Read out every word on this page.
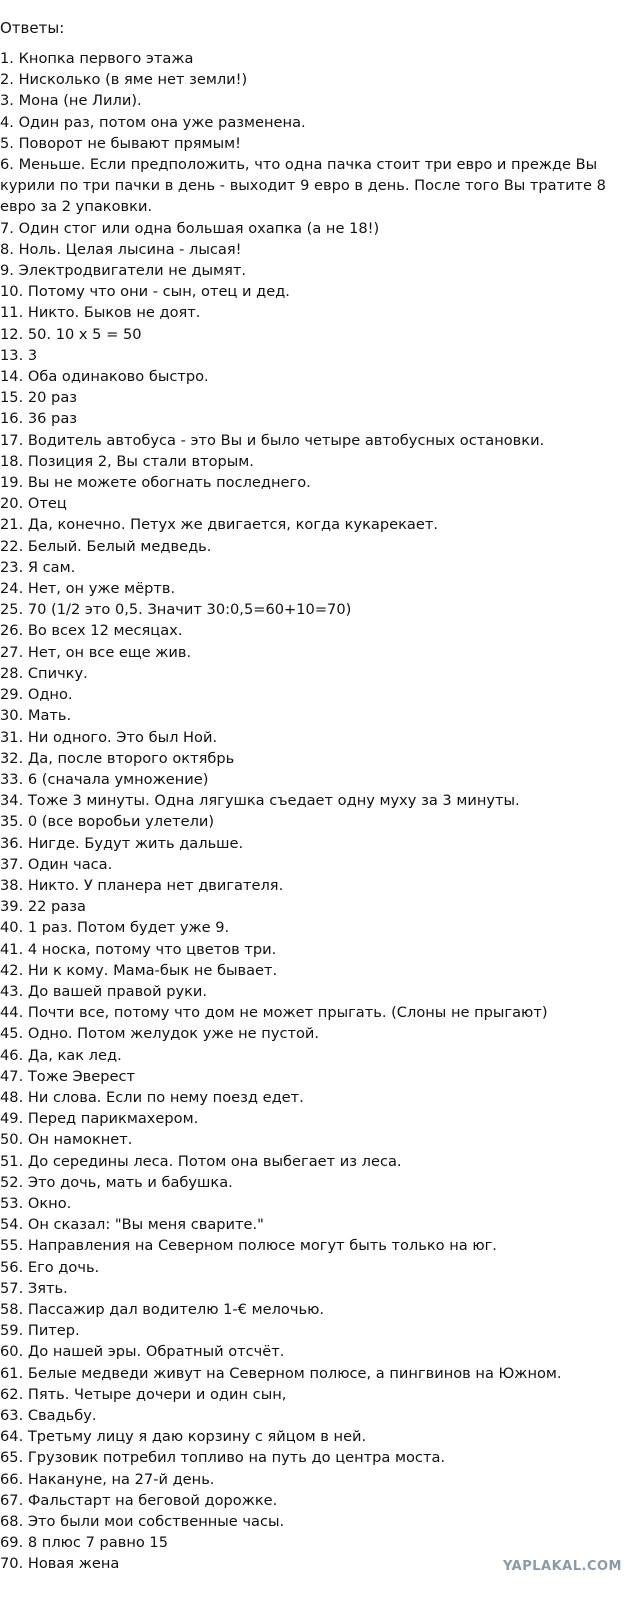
Ответы:
1. Кнопка первого этажа
2. Нисколько (в яме нет земли!)
3. Мона (не Лили).
4. Один раз, потом она уже разменена.
5. Поворот не бывают прямым!
6. Меньше. Если предположить, что одна пачка стоит три евро и прежде Вы курили по три пачки в день - выходит 9 евро в день. После того Вы тратите 8 евро за 2 упаковки.
7. Один стог или одна большая охапка (а не 18!)
8. Ноль. Целая лысина - лысая!
9. Электродвигатели не дымят.
10. Потому что они - сын, отец и дед.
11. Никто. Быков не доят.
12. 50. 10 x 5 = 50
13. 3
14. Оба одинаково быстро.
15. 20 раз
16. 36 раз
17. Водитель автобуса - это Вы и было четыре автобусных остановки.
18. Позиция 2, Вы стали вторым.
19. Вы не можете обогнать последнего.
20. Отец
21. Да, конечно. Петух же двигается, когда кукарекает.
22. Белый. Белый медведь.
23. Я сам.
24. Нет, он уже мёртв.
25. 70 (1/2 это 0,5. Значит 30:0,5=60+10=70)
26. Во всех 12 месяцах.
27. Нет, он все еще жив.
28. Спичку.
29. Одно.
30. Мать.
31. Ни одного. Это был Ной.
32. Да, после второго октябрь
33. 6 (сначала умножение)
34. Тоже 3 минуты. Одна лягушка съедает одну муху за 3 минуты.
35. 0 (все воробьи улетели)
36. Нигде. Будут жить дальше.
37. Один часа.
38. Никто. У планера нет двигателя.
39. 22 раза
40. 1 раз. Потом будет уже 9.
41. 4 носка, потому что цветов три.
42. Ни к кому. Мама-бык не бывает.
43. До вашей правой руки.
44. Почти все, потому что дом не может прыгать. (Слоны не прыгают)
45. Одно. Потом желудок уже не пустой.
46. Да, как лед.
47. Тоже Эверест
48. Ни слова. Если по нему поезд едет.
49. Перед парикмахером.
50. Он намокнет.
51. До середины леса. Потом она выбегает из леса.
52. Это дочь, мать и бабушка.
53. Окно.
54. Он сказал: "Вы меня сварите."
55. Направления на Северном полюсе могут быть только на юг.
56. Его дочь.
57. Зять.
58. Пассажир дал водителю 1-€ мелочью.
59. Питер.
60. До нашей эры. Обратный отсчёт.
61. Белые медведи живут на Северном полюсе, а пингвинов на Южном.
62. Пять. Четыре дочери и один сын,
63. Свадьбу.
64. Третьму лицу я даю корзину с яйцом в ней.
65. Грузовик потребил топливо на путь до центра моста.
66. Накануне, на 27-й день.
67. Фальстарт на беговой дорожке.
68. Это были мои собственные часы.
69. 8 плюс 7 равно 15
70. Новая жена	YAPLAKAL.COM
